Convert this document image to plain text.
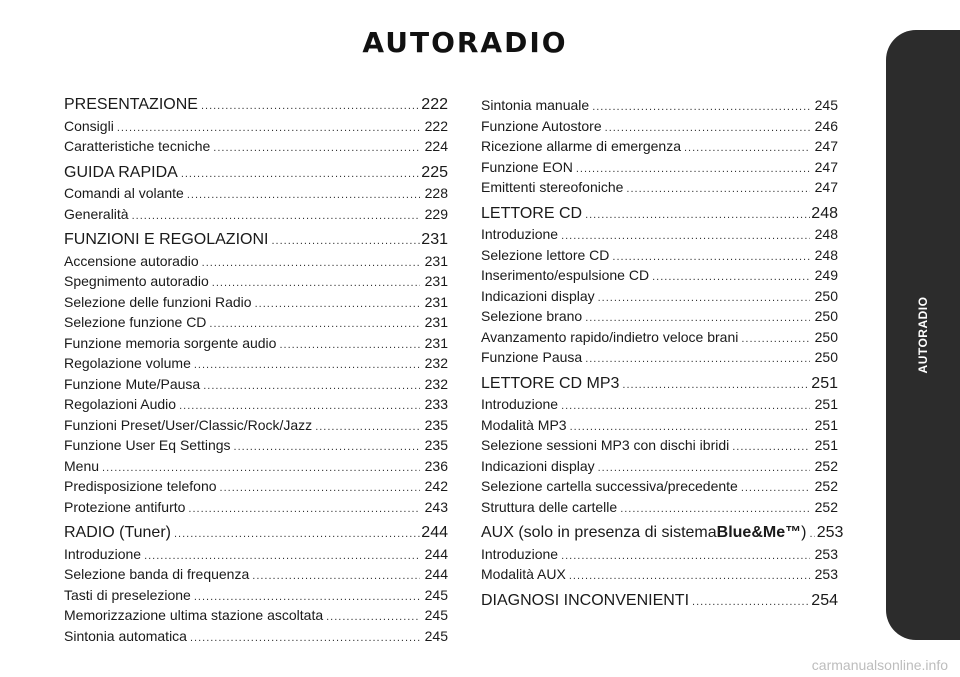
AUTORADIO
PRESENTAZIONE .....	222
Consigli .....	222
Caratteristiche tecniche .....	224
GUIDA RAPIDA .....	225
Comandi al volante .....	228
Generalità .....	229
FUNZIONI E REGOLAZIONI .....	231
Accensione autoradio .....	231
Spegnimento autoradio .....	231
Selezione delle funzioni Radio .....	231
Selezione funzione CD .....	231
Funzione memoria sorgente audio .....	231
Regolazione volume .....	232
Funzione Mute/Pausa .....	232
Regolazioni Audio .....	233
Funzioni Preset/User/Classic/Rock/Jazz .....	235
Funzione User Eq Settings .....	235
Menu .....	236
Predisposizione telefono .....	242
Protezione antifurto .....	243
RADIO (Tuner) .....	244
Introduzione .....	244
Selezione banda di frequenza .....	244
Tasti di preselezione .....	245
Memorizzazione ultima stazione ascoltata .....	245
Sintonia automatica .....	245
Sintonia manuale .....	245
Funzione Autostore .....	246
Ricezione allarme di emergenza .....	247
Funzione EON .....	247
Emittenti stereofoniche .....	247
LETTORE CD .....	248
Introduzione .....	248
Selezione lettore CD .....	248
Inserimento/espulsione CD .....	249
Indicazioni display .....	250
Selezione brano .....	250
Avanzamento rapido/indietro veloce brani .....	250
Funzione Pausa .....	250
LETTORE CD MP3 .....	251
Introduzione .....	251
Modalità MP3 .....	251
Selezione sessioni MP3 con dischi ibridi .....	251
Indicazioni display .....	252
Selezione cartella successiva/precedente .....	252
Struttura delle cartelle .....	252
AUX (solo in presenza di sistema Blue&Me™ ) ..... 253
Introduzione .....	253
Modalità AUX .....	253
DIAGNOSI INCONVENIENTI .....	254
AUTORADIO
221
carmanualsonline.info
